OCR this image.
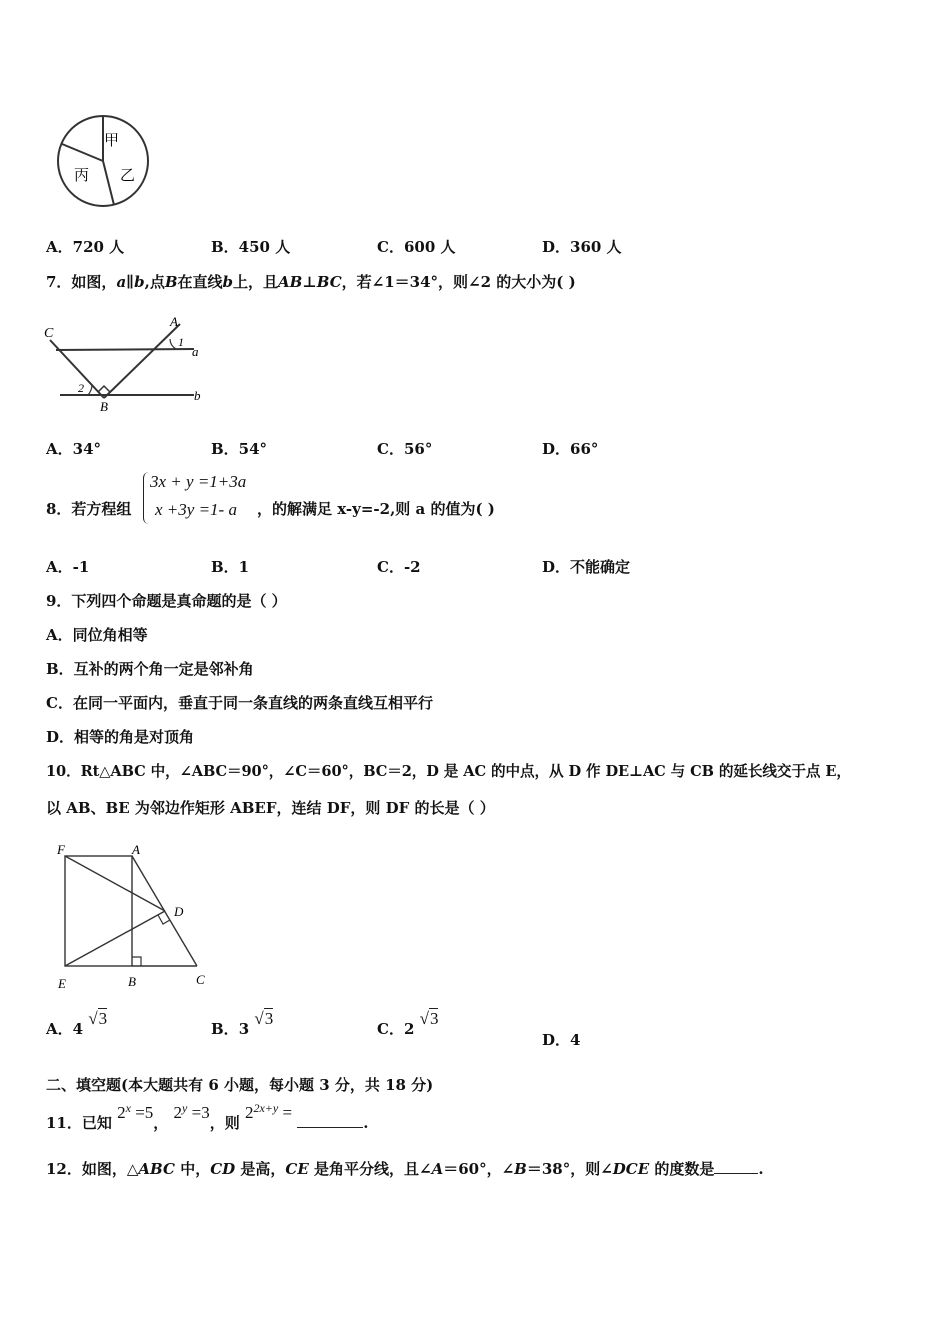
甲
乙
丙
A．720 人	B．450 人	C．600 人	D．360 人
7．如图，a∥b,点B在直线b上，且AB⊥BC，若∠1＝34°，则∠2 的大小为( )
C
A
1
a
2
B
b
A．34°	B．54°	C．56°	D．66°
8．若方程组
3x + y =1+3a
x +3y =1- a ，的解满足 x-y=-2,则 a 的值为( )
A．-1	B．1	C．-2	D．不能确定
9．下列四个命题是真命题的是（ ）
A．同位角相等
B．互补的两个角一定是邻补角
C．在同一平面内，垂直于同一条直线的两条直线互相平行
D．相等的角是对顶角
10．Rt△ABC 中，∠ABC＝90°，∠C＝60°，BC＝2，D 是 AC 的中点，从 D 作 DE⊥AC 与 CB 的延长线交于点 E，
以 AB、BE 为邻边作矩形 ABEF，连结 DF，则 DF 的长是（ ）
F	A
D
E	B	C
A．4 √3
B．3 √3
C．2 √3
D．4
二、填空题(本大题共有 6 小题，每小题 3 分，共 18 分)
11．已知 $2^x =5$， $2^y =3$，则 $2^{2x+y}$ = .
12．如图，△ABC 中，CD 是高，CE 是角平分线，且∠A＝60°，∠B＝38°，则∠DCE 的度数是	.
